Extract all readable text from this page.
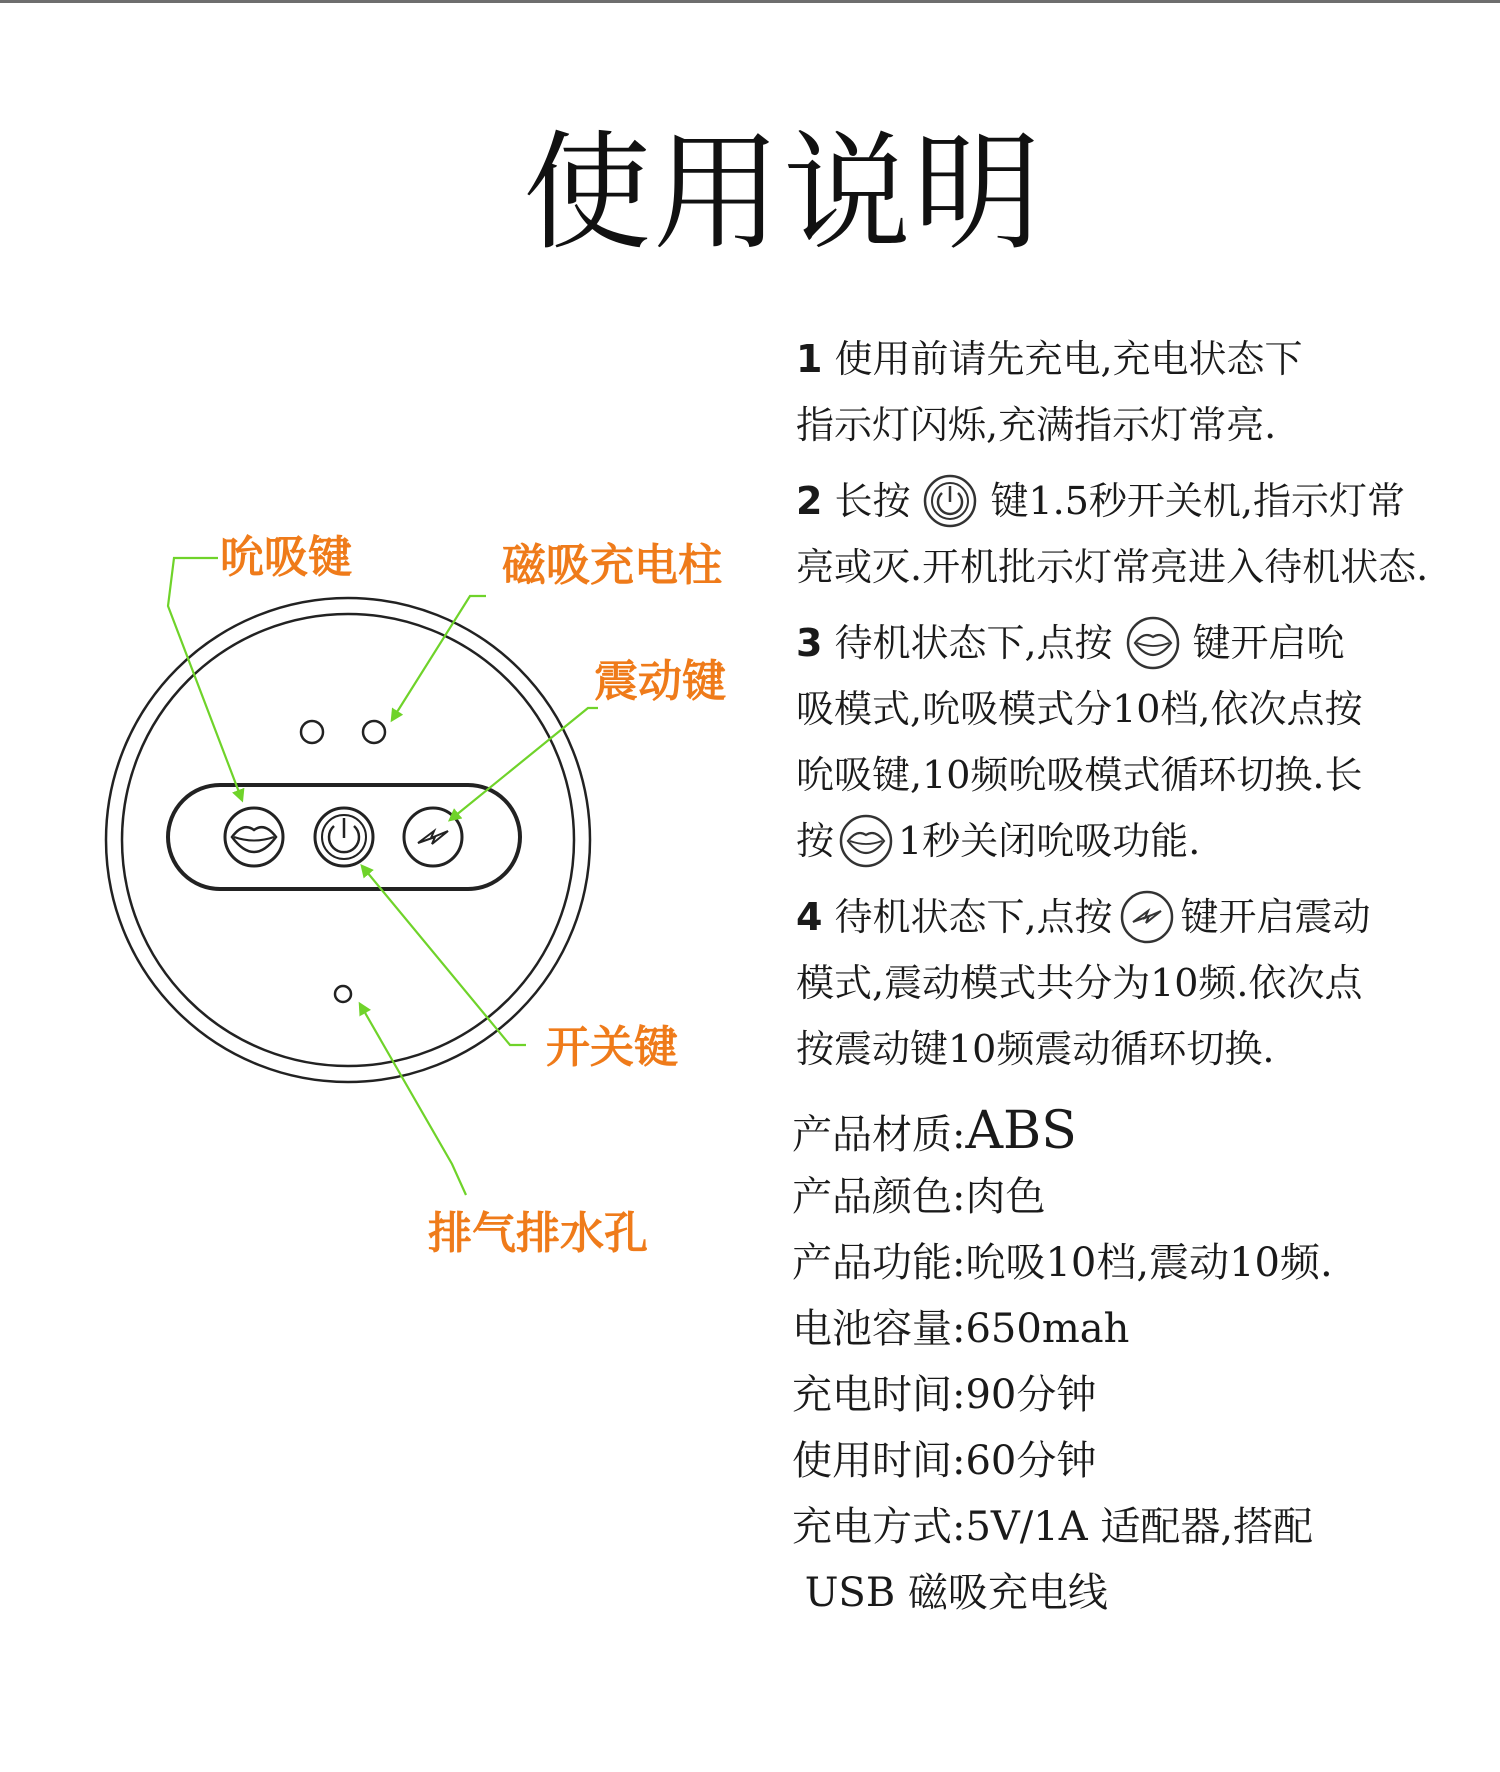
使用说明
吮吸键	磁吸充电柱
震动键
开关键
排气排水孔
1 使用前请先充电,充电状态下
指示灯闪烁,充满指示灯常亮.
2 长按 键1.5秒开关机,指示灯常
亮或灭.开机批示灯常亮进入待机状态.
3 待机状态下,点按 键开启吮
吸模式,吮吸模式分10档,依次点按
吮吸键,10频吮吸模式循环切换.长
按 1秒关闭吮吸功能.
4 待机状态下,点按 键开启震动
模式,震动模式共分为10频.依次点
按震动键10频震动循环切换.
产品材质:ABS
产品颜色:肉色
产品功能:吮吸10档,震动10频.
电池容量:650mah
充电时间:90分钟
使用时间:60分钟
充电方式:5V/1A 适配器,搭配
USB 磁吸充电线
